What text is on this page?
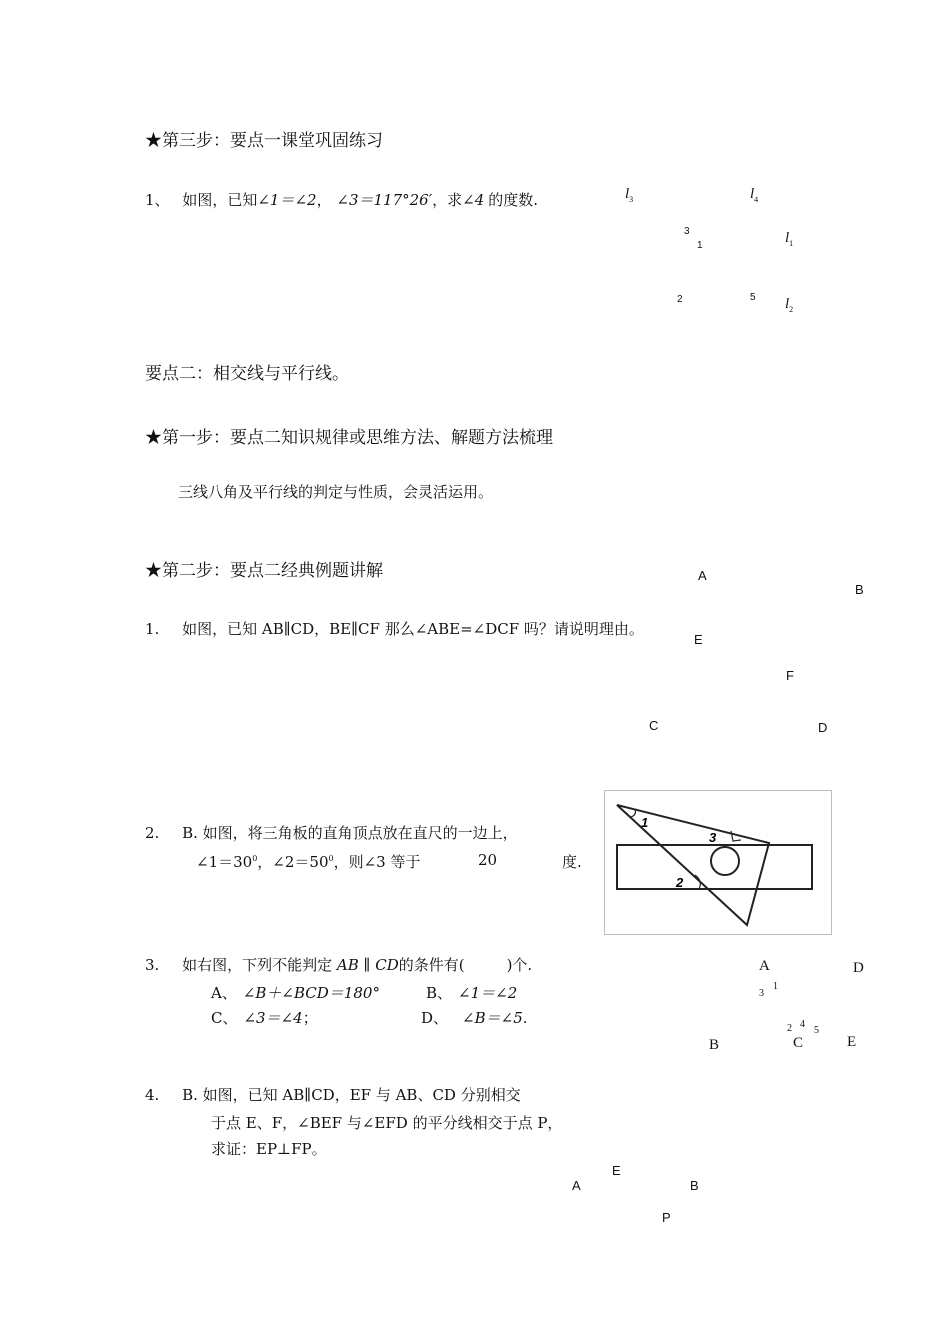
★第三步：要点一课堂巩固练习
1、 如图，已知∠1＝∠2， ∠3＝117°26′，求∠4 的度数.	$l_3$	$l_4$
3
1	$l_1$
2	5 $l_2$
要点二：相交线与平行线。
★第一步：要点二知识规律或思维方法、解题方法梳理
三线八角及平行线的判定与性质，会灵活运用。
★第二步：要点二经典例题讲解	A
B
E
F
C	D
1. 如图，已知 AB∥CD，BE∥CF 那么∠ABE=∠DCF 吗？请说明理由。
2. B. 如图，将三角板的直角顶点放在直尺的一边上，
$\angle 1=30^0$，$\angle 2=50^0$，则∠3 等于	20	度.
1
2
3
3. 如右图，下列不能判定 AB ∥ CD的条件有(	)个.
A、 ∠B＋∠BCD＝180°	B、 ∠1＝∠2
C、 ∠3＝∠4；	D、 ∠B＝∠5.
A	D
3
1
2 4
5
B	C	E
4. B. 如图，已知 AB∥CD，EF 与 AB、CD 分别相交
于点 E、F，∠BEF 与∠EFD 的平分线相交于点 P，
求证：EP⊥FP。
E
A	B
P
